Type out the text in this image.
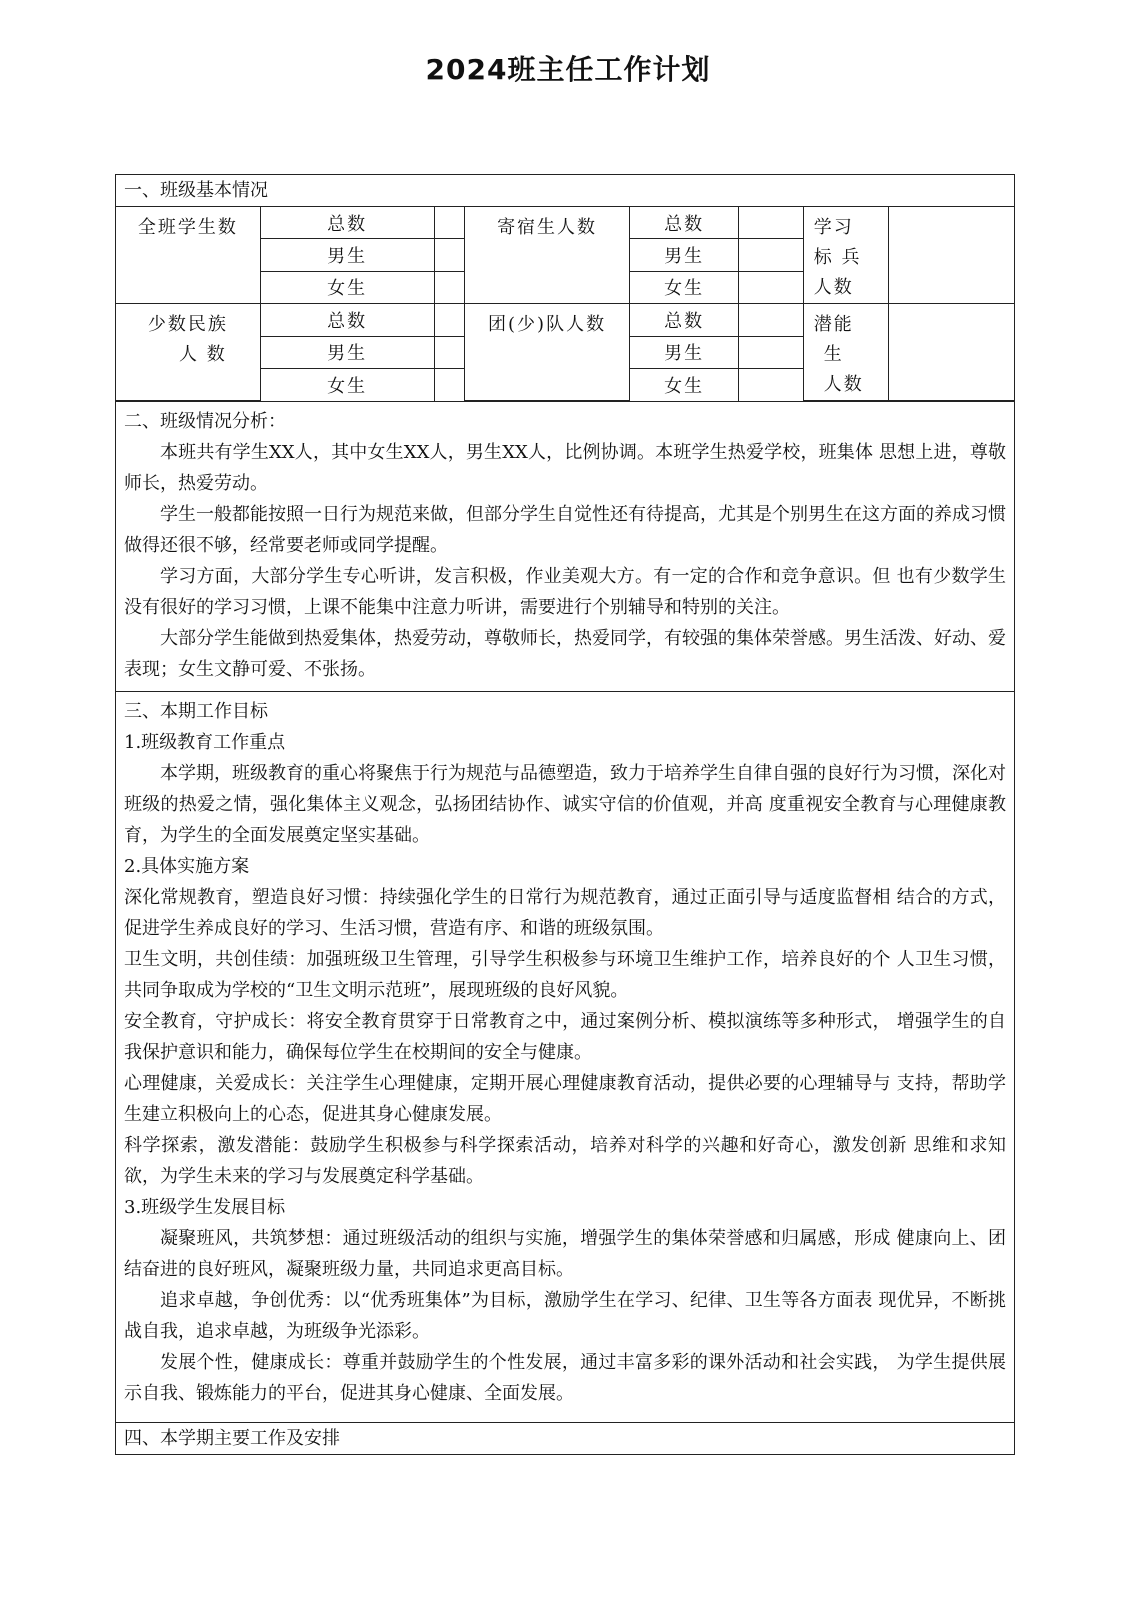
2024班主任工作计划
一、班级基本情况

全班学生数	总数		寄宿生人数	总数		学习
标 兵
人数

男生		男生	
女生		女生	

少数民族
人 数
	总数		团(少)队人数	总数		潜能
生
人数

男生		男生	
女生		女生	

二、班级情况分析：

本班共有学生XX人，其中女生XX人，男生XX人，比例协调。本班学生热爱学校，班集体 思想上进，尊敬师长，热爱劳动。

学生一般都能按照一日行为规范来做，但部分学生自觉性还有待提高，尤其是个别男生在这方面的养成习惯做得还很不够，经常要老师或同学提醒。

学习方面，大部分学生专心听讲，发言积极，作业美观大方。有一定的合作和竞争意识。但 也有少数学生没有很好的学习习惯，上课不能集中注意力听讲，需要进行个别辅导和特别的关注。

大部分学生能做到热爱集体，热爱劳动，尊敬师长，热爱同学，有较强的集体荣誉感。男生活泼、好动、爱表现；女生文静可爱、不张扬。

三、本期工作目标

1.班级教育工作重点

本学期，班级教育的重心将聚焦于行为规范与品德塑造，致力于培养学生自律自强的良好行为习惯，深化对班级的热爱之情，强化集体主义观念，弘扬团结协作、诚实守信的价值观，并高 度重视安全教育与心理健康教育，为学生的全面发展奠定坚实基础。

2.具体实施方案

深化常规教育，塑造良好习惯：持续强化学生的日常行为规范教育，通过正面引导与适度监督相 结合的方式，促进学生养成良好的学习、生活习惯，营造有序、和谐的班级氛围。

卫生文明，共创佳绩：加强班级卫生管理，引导学生积极参与环境卫生维护工作，培养良好的个 人卫生习惯，共同争取成为学校的“卫生文明示范班”，展现班级的良好风貌。

安全教育，守护成长：将安全教育贯穿于日常教育之中，通过案例分析、模拟演练等多种形式， 增强学生的自我保护意识和能力，确保每位学生在校期间的安全与健康。

心理健康，关爱成长：关注学生心理健康，定期开展心理健康教育活动，提供必要的心理辅导与 支持，帮助学生建立积极向上的心态，促进其身心健康发展。

科学探索，激发潜能：鼓励学生积极参与科学探索活动，培养对科学的兴趣和好奇心，激发创新 思维和求知欲，为学生未来的学习与发展奠定科学基础。

3.班级学生发展目标

凝聚班风，共筑梦想：通过班级活动的组织与实施，增强学生的集体荣誉感和归属感，形成 健康向上、团结奋进的良好班风，凝聚班级力量，共同追求更高目标。

追求卓越，争创优秀：以“优秀班集体”为目标，激励学生在学习、纪律、卫生等各方面表 现优异，不断挑战自我，追求卓越，为班级争光添彩。

发展个性，健康成长：尊重并鼓励学生的个性发展，通过丰富多彩的课外活动和社会实践， 为学生提供展示自我、锻炼能力的平台，促进其身心健康、全面发展。

四、本学期主要工作及安排
